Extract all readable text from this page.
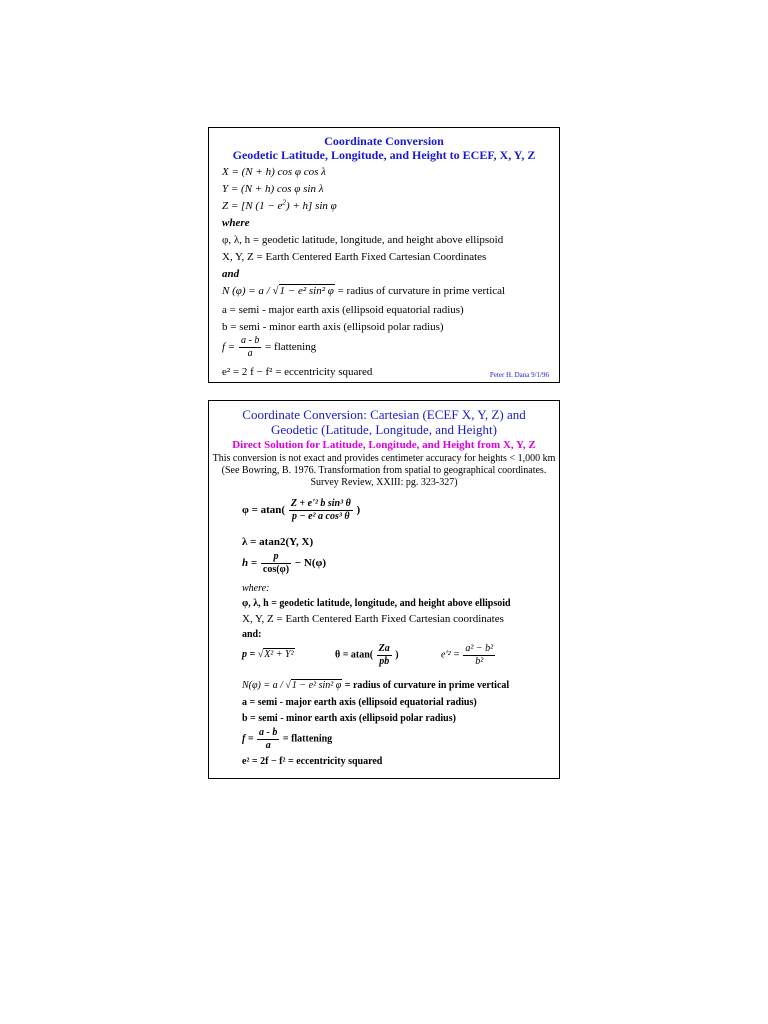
Coordinate Conversion
Geodetic Latitude, Longitude, and Height to ECEF, X, Y, Z
X = (N + h) cos φ cos λ
Y = (N + h) cos φ sin λ
Z = [N $(1 - e^2) + h$] sin φ
where
φ, λ, h = geodetic latitude, longitude, and height above ellipsoid
X, Y, Z = Earth Centered Earth Fixed Cartesian Coordinates
and
N (φ) = a / √1 − e² sin² φ = radius of curvature in prime vertical
a = semi - major earth axis (ellipsoid equatorial radius)
b = semi - minor earth axis (ellipsoid polar radius)
$f = \frac{a - b}{a}$ = flattening
e² = 2 f − f² = eccentricity squared	Peter H. Dana 9/1/96
Coordinate Conversion: Cartesian (ECEF X, Y, Z) and
Geodetic (Latitude, Longitude, and Height)
Direct Solution for Latitude, Longitude, and Height from X, Y, Z
This conversion is not exact and provides centimeter accuracy for heights < 1,000 km
(See Bowring, B. 1976. Transformation from spatial to geographical coordinates.
Survey Review, XXIII: pg. 323-327)
$\varphi = atan( \frac{\text{Z + e'² b sin³ θ}}{\text{p − e² a cos³ θ}}$ )
λ = atan2(Y, X)
$h = \frac{p}{\cos(\varphi)} - N(\varphi)$
where:
φ, λ, h = geodetic latitude, longitude, and height above ellipsoid
X, Y, Z = Earth Centered Earth Fixed Cartesian coordinates
and:
p = √X² + Y²	$\theta = atan( \frac{Za}{pb}$ )	$e'^2 = \frac{\text{a² − b²}}{\text{b²}}$
N(φ) = a / √1 − e² sin² φ = radius of curvature in prime vertical
a = semi - major earth axis (ellipsoid equatorial radius)
b = semi - minor earth axis (ellipsoid polar radius)
$f = \frac{a - b}{a}$ = flattening
e² = 2f − f² = eccentricity squared
